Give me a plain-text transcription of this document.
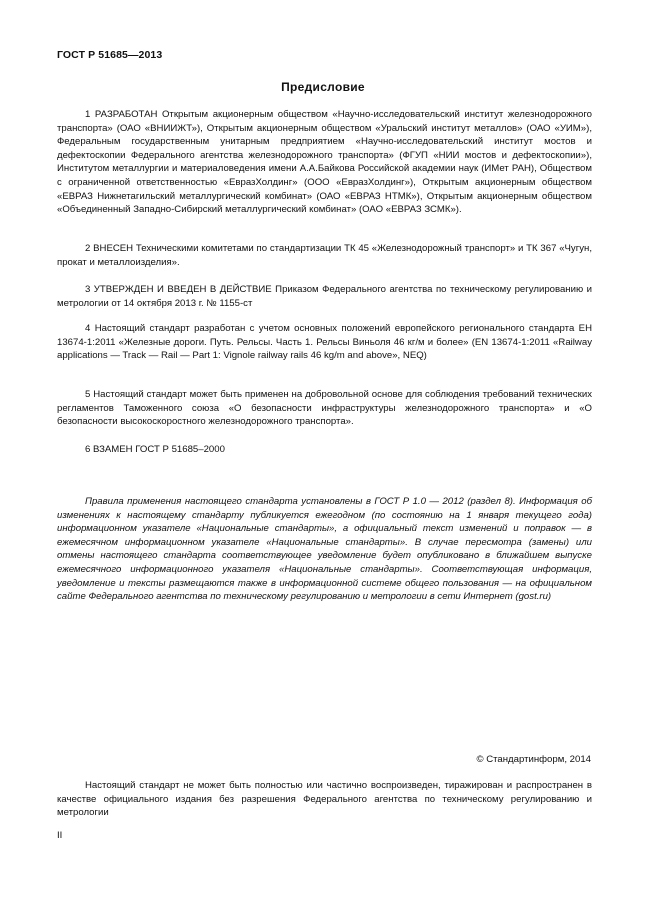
ГОСТ Р 51685—2013
Предисловие

1 РАЗРАБОТАН Открытым акционерным обществом «Научно-исследовательский институт железнодорожного транспорта» (ОАО «ВНИИЖТ»), Открытым акционерным обществом «Уральский институт металлов» (ОАО «УИМ»), Федеральным государственным унитарным предприятием «Научно-исследовательский институт мостов и дефектоскопии Федерального агентства железнодорожного транспорта» (ФГУП «НИИ мостов и дефектоскопии»), Институтом металлургии и материаловедения имени А.А.Байкова Российской академии наук (ИМет РАН), Обществом с ограниченной ответственностью «ЕвразХолдинг» (ООО «ЕвразХолдинг»), Открытым акционерным обществом «ЕВРАЗ Нижнетагильский металлургический комбинат» (ОАО «ЕВРАЗ НТМК»), Открытым акционерным обществом «Объединенный Западно-Сибирский металлургический комбинат» (ОАО «ЕВРАЗ ЗСМК»).

2 ВНЕСЕН Техническими комитетами по стандартизации ТК 45 «Железнодорожный транспорт» и ТК 367 «Чугун, прокат и металлоизделия».

3 УТВЕРЖДЕН И ВВЕДЕН В ДЕЙСТВИЕ Приказом Федерального агентства по техническому регулированию и метрологии от 14 октября 2013 г. № 1155-ст

4 Настоящий стандарт разработан с учетом основных положений европейского регионального стандарта ЕН 13674-1:2011 «Железные дороги. Путь. Рельсы. Часть 1. Рельсы Виньоля 46 кг/м и более» (EN 13674-1:2011 «Railway applications — Track — Rail — Part 1: Vignole railway rails 46 kg/m and above», NEQ)

5 Настоящий стандарт может быть применен на добровольной основе для соблюдения требований технических регламентов Таможенного союза «О безопасности инфраструктуры железнодорожного транспорта» и «О безопасности высокоскоростного железнодорожного транспорта».

6 ВЗАМЕН ГОСТ Р 51685–2000

Правила применения настоящего стандарта установлены в ГОСТ Р 1.0 — 2012 (раздел 8). Информация об изменениях к настоящему стандарту публикуется ежегодном (по состоянию на 1 января текущего года) информационном указателе «Национальные стандарты», а официальный текст изменений и поправок — в ежемесячном информационном указателе «Национальные стандарты». В случае пересмотра (замены) или отмены настоящего стандарта соответствующее уведомление будет опубликовано в ближайшем выпуске ежемесячного информационного указателя «Национальные стандарты». Соответствующая информация, уведомление и тексты размещаются также в информационной системе общего пользования — на официальном сайте Федерального агентства по техническому регулированию и метрологии в сети Интернет (gost.ru)

© Стандартинформ, 2014

Настоящий стандарт не может быть полностью или частично воспроизведен, тиражирован и распространен в качестве официального издания без разрешения Федерального агентства по техническому регулированию и метрологии

II
